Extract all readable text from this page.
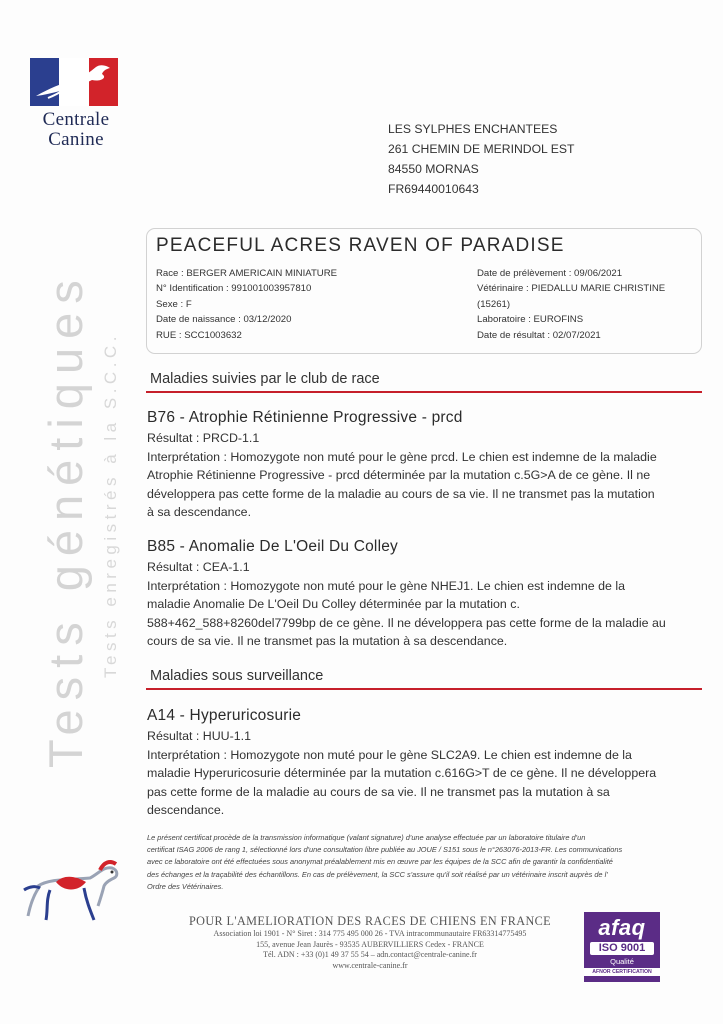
Centrale
Canine	LES SYLPHES ENCHANTEES
261 CHEMIN DE MERINDOL EST
84550 MORNAS
FR69440010643
Tests génétiques Tests enregistrés à la S.C.C.
PEACEFUL ACRES RAVEN OF PARADISE
Race : BERGER AMERICAIN MINIATURE
N° Identification : 991001003957810
Sexe : F
Date de naissance : 03/12/2020
RUE : SCC1003632
Date de prélèvement : 09/06/2021
Vétérinaire : PIEDALLU MARIE CHRISTINE
(15261)
Laboratoire : EUROFINS
Date de résultat : 02/07/2021
Maladies suivies par le club de race
B76 - Atrophie Rétinienne Progressive - prcd
Résultat : PRCD-1.1
Interprétation : Homozygote non muté pour le gène prcd. Le chien est indemne de la maladie
Atrophie Rétinienne Progressive - prcd déterminée par la mutation c.5G>A de ce gène. Il ne
développera pas cette forme de la maladie au cours de sa vie. Il ne transmet pas la mutation
à sa descendance.
B85 - Anomalie De L'Oeil Du Colley
Résultat : CEA-1.1
Interprétation : Homozygote non muté pour le gène NHEJ1. Le chien est indemne de la
maladie Anomalie De L'Oeil Du Colley déterminée par la mutation c.
588+462_588+8260del7799bp de ce gène. Il ne développera pas cette forme de la maladie au
cours de sa vie. Il ne transmet pas la mutation à sa descendance.
Maladies sous surveillance
A14 - Hyperuricosurie
Résultat : HUU-1.1
Interprétation : Homozygote non muté pour le gène SLC2A9. Le chien est indemne de la
maladie Hyperuricosurie déterminée par la mutation c.616G>T de ce gène. Il ne développera
pas cette forme de la maladie au cours de sa vie. Il ne transmet pas la mutation à sa
descendance.
Le présent certificat procède de la transmission informatique (valant signature) d'une analyse effectuée par un laboratoire titulaire d'un
certificat ISAG 2006 de rang 1, sélectionné lors d'une consultation libre publiée au JOUE / S151 sous le n°263076-2013-FR. Les communications
avec ce laboratoire ont été effectuées sous anonymat préalablement mis en œuvre par les équipes de la SCC afin de garantir la confidentialité
des échanges et la traçabilité des échantillons. En cas de prélèvement, la SCC s'assure qu'il soit réalisé par un vétérinaire inscrit auprès de l'
Ordre des Vétérinaires.
POUR L'AMELIORATION DES RACES DE CHIENS EN FRANCE
Association loi 1901 - N° Siret : 314 775 495 000 26 - TVA intracommunautaire FR63314775495
155, avenue Jean Jaurès - 93535 AUBERVILLIERS Cedex - FRANCE
Tél. ADN : +33 (0)1 49 37 55 54 – adn.contact@centrale-canine.fr
www.centrale-canine.fr
afaq
ISO 9001
Qualité
AFNOR CERTIFICATION
